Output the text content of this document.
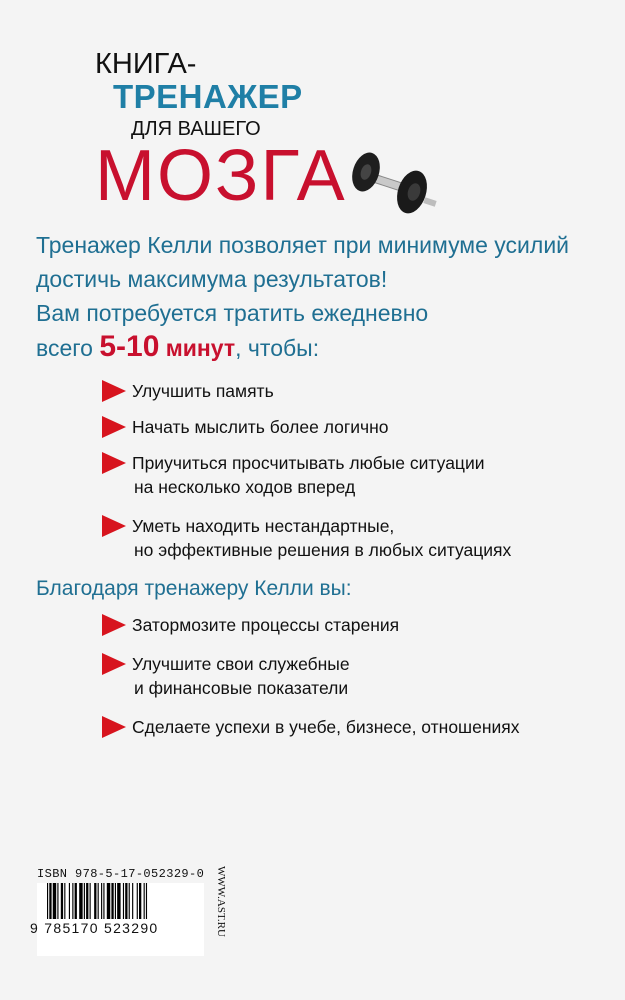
КНИГА-
ТРЕНАЖЕР
ДЛЯ ВАШЕГО
МОЗГА

Тренажер Келли позволяет при минимуме усилий

достичь максимума результатов!

Вам потребуется тратить ежедневно

всего 5-10 минут, чтобы:

Улучшить память
Начать мыслить более логично
Приучиться просчитывать любые ситуации
на несколько ходов вперед
Уметь находить нестандартные,
но эффективные решения в любых ситуациях
Благодаря тренажеру Келли вы:
Затормозите процессы старения
Улучшите свои служебные
и финансовые показатели
Сделаете успехи в учебе, бизнесе, отношениях
ISBN 978-5-17-052329-0
9 785170 523290	WWW.AST.RU
